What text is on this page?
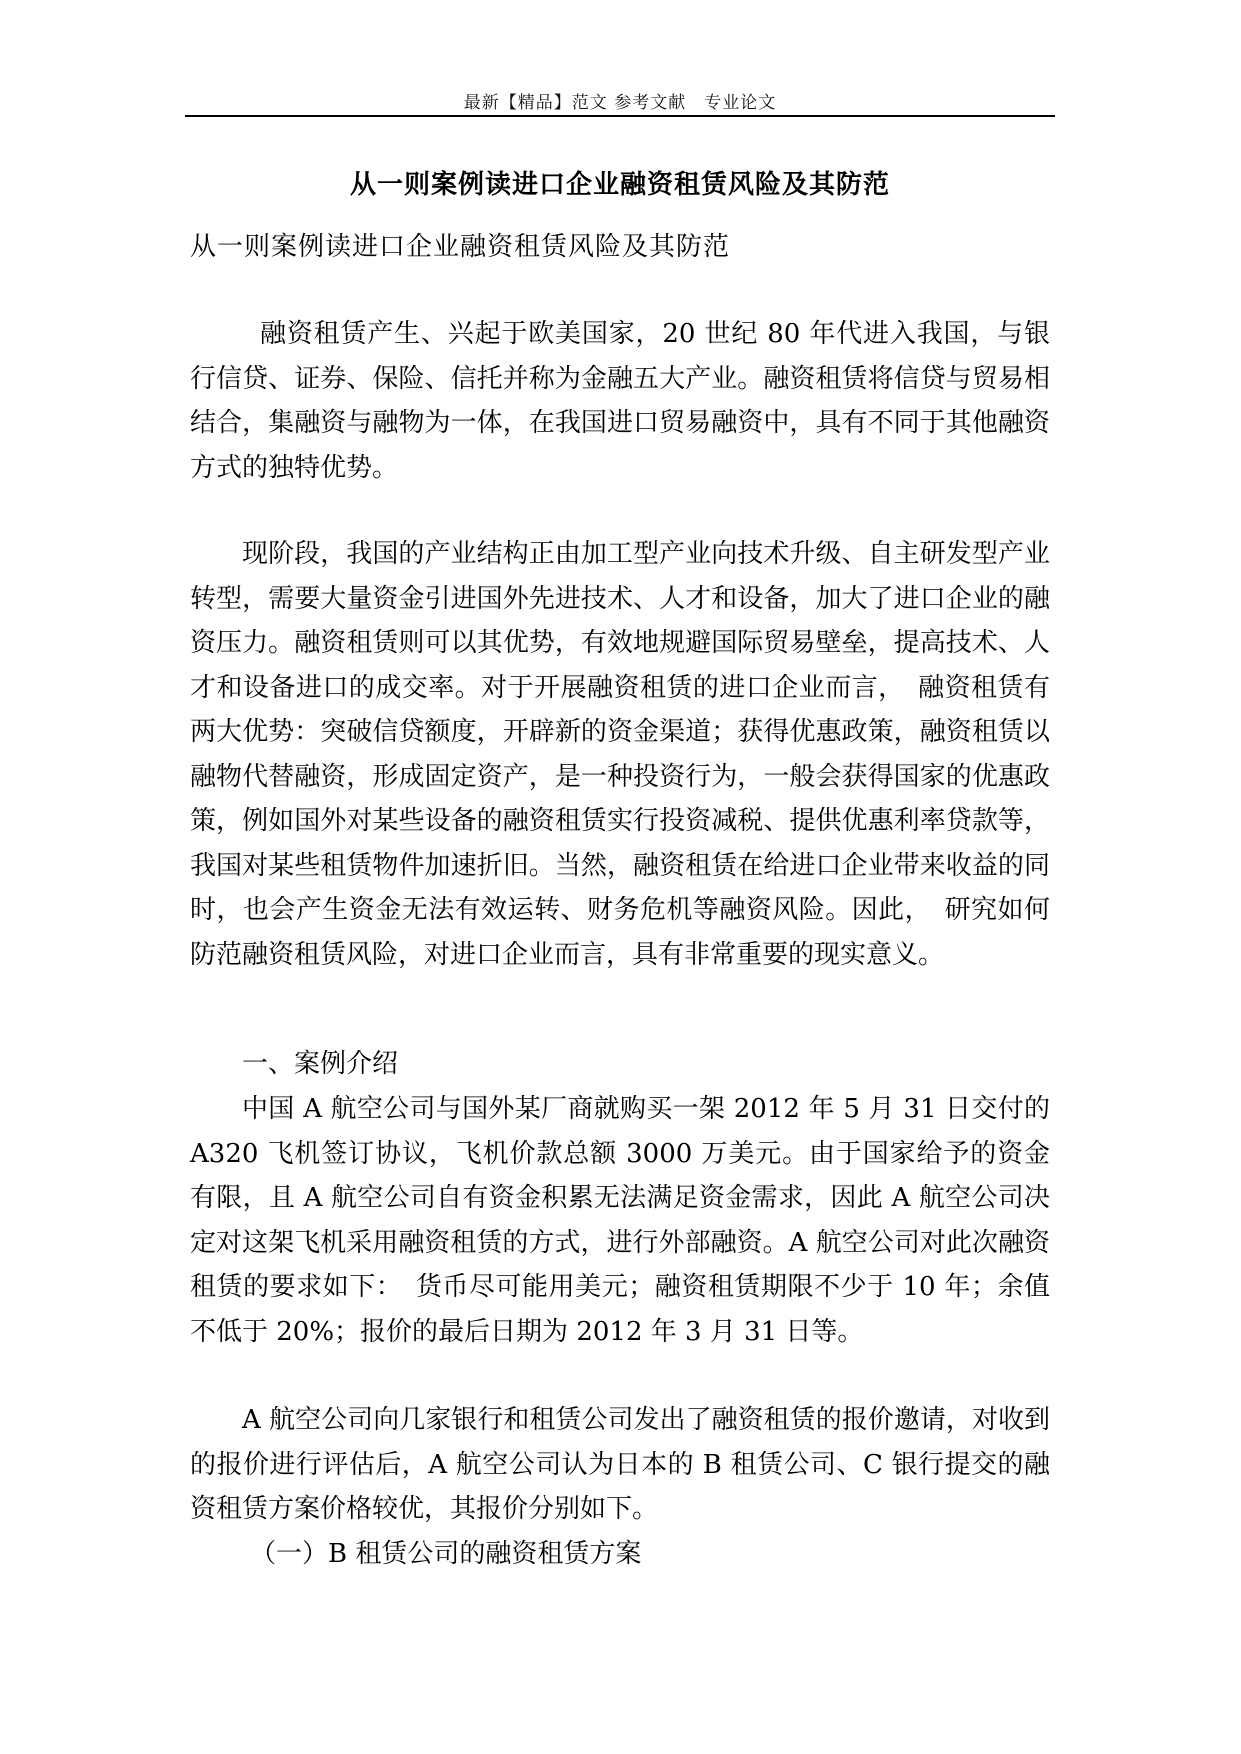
最新【精品】范文 参考文献　专业论文
从一则案例读进口企业融资租赁风险及其防范
从一则案例读进口企业融资租赁风险及其防范

融资租赁产生、兴起于欧美国家，20 世纪 80 年代进入我国，与银行信贷、证券、保险、信托并称为金融五大产业。融资租赁将信贷与贸易相结合，集融资与融物为一体，在我国进口贸易融资中，具有不同于其他融资方式的独特优势。

现阶段，我国的产业结构正由加工型产业向技术升级、自主研发型产业转型，需要大量资金引进国外先进技术、人才和设备，加大了进口企业的融资压力。融资租赁则可以其优势，有效地规避国际贸易壁垒，提高技术、人才和设备进口的成交率。对于开展融资租赁的进口企业而言，　融资租赁有两大优势：突破信贷额度，开辟新的资金渠道；获得优惠政策，融资租赁以融物代替融资，形成固定资产，是一种投资行为，一般会获得国家的优惠政策，例如国外对某些设备的融资租赁实行投资减税、提供优惠利率贷款等，我国对某些租赁物件加速折旧。当然，融资租赁在给进口企业带来收益的同时，也会产生资金无法有效运转、财务危机等融资风险。因此，　研究如何防范融资租赁风险，对进口企业而言，具有非常重要的现实意义。

一、案例介绍

中国 A 航空公司与国外某厂商就购买一架 2012 年 5 月 31 日交付的 A320 飞机签订协议，飞机价款总额 3000 万美元。由于国家给予的资金有限，且 A 航空公司自有资金积累无法满足资金需求，因此 A 航空公司决定对这架飞机采用融资租赁的方式，进行外部融资。A 航空公司对此次融资租赁的要求如下：　货币尽可能用美元；融资租赁期限不少于 10 年；余值不低于 20%；报价的最后日期为 2012 年 3 月 31 日等。

A 航空公司向几家银行和租赁公司发出了融资租赁的报价邀请，对收到的报价进行评估后，A 航空公司认为日本的 B 租赁公司、C 银行提交的融资租赁方案价格较优，其报价分别如下。

（一）B 租赁公司的融资租赁方案
